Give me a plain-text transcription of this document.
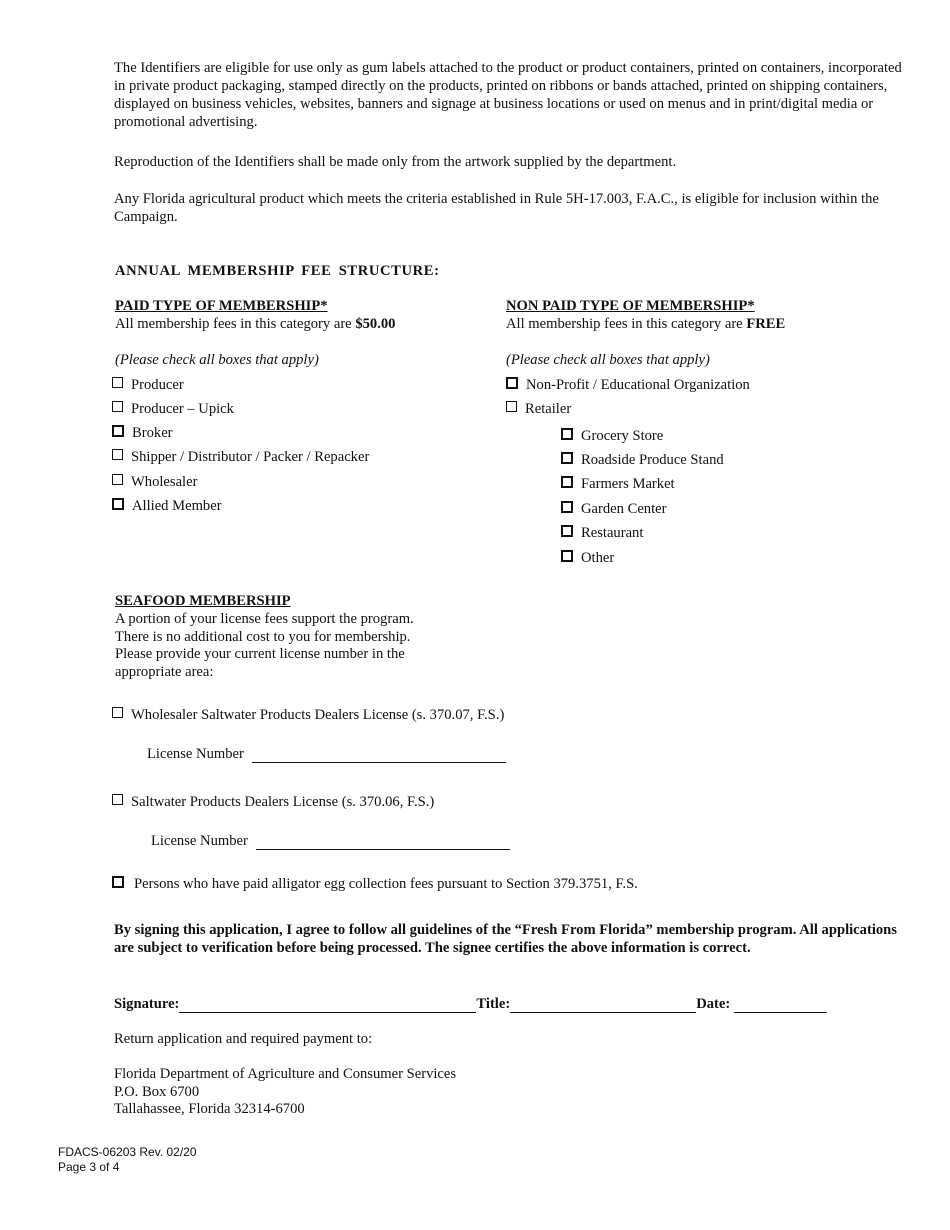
The Identifiers are eligible for use only as gum labels attached to the product or product containers, printed on containers, incorporated in private product packaging, stamped directly on the products, printed on ribbons or bands attached, printed on shipping containers, displayed on business vehicles, websites, banners and signage at business locations or used on menus and in print/digital media or promotional advertising.

Reproduction of the Identifiers shall be made only from the artwork supplied by the department.

Any Florida agricultural product which meets the criteria established in Rule 5H-17.003, F.A.C., is eligible for inclusion within the Campaign.

ANNUAL MEMBERSHIP FEE STRUCTURE:
PAID TYPE OF MEMBERSHIP*
All membership fees in this category are $50.00
(Please check all boxes that apply)
Producer
Producer – Upick
Broker
Shipper / Distributor / Packer / Repacker
Wholesaler
Allied Member
NON PAID TYPE OF MEMBERSHIP*
All membership fees in this category are FREE
(Please check all boxes that apply)
Non-Profit / Educational Organization
Retailer
Grocery Store
Roadside Produce Stand
Farmers Market
Garden Center
Restaurant
Other
SEAFOOD MEMBERSHIP
A portion of your license fees support the program.
There is no additional cost to you for membership.
Please provide your current license number in the
appropriate area:
Wholesaler Saltwater Products Dealers License (s. 370.07, F.S.)
License Number
Saltwater Products Dealers License (s. 370.06, F.S.)
License Number
Persons who have paid alligator egg collection fees pursuant to Section 379.3751, F.S.

By signing this application, I agree to follow all guidelines of the “Fresh From Florida” membership program. All applications are subject to verification before being processed. The signee certifies the above information is correct.

Signature:	Title:	Date:
Return application and required payment to:
Florida Department of Agriculture and Consumer Services
P.O. Box 6700
Tallahassee, Florida 32314-6700
FDACS-06203 Rev. 02/20
Page 3 of 4
